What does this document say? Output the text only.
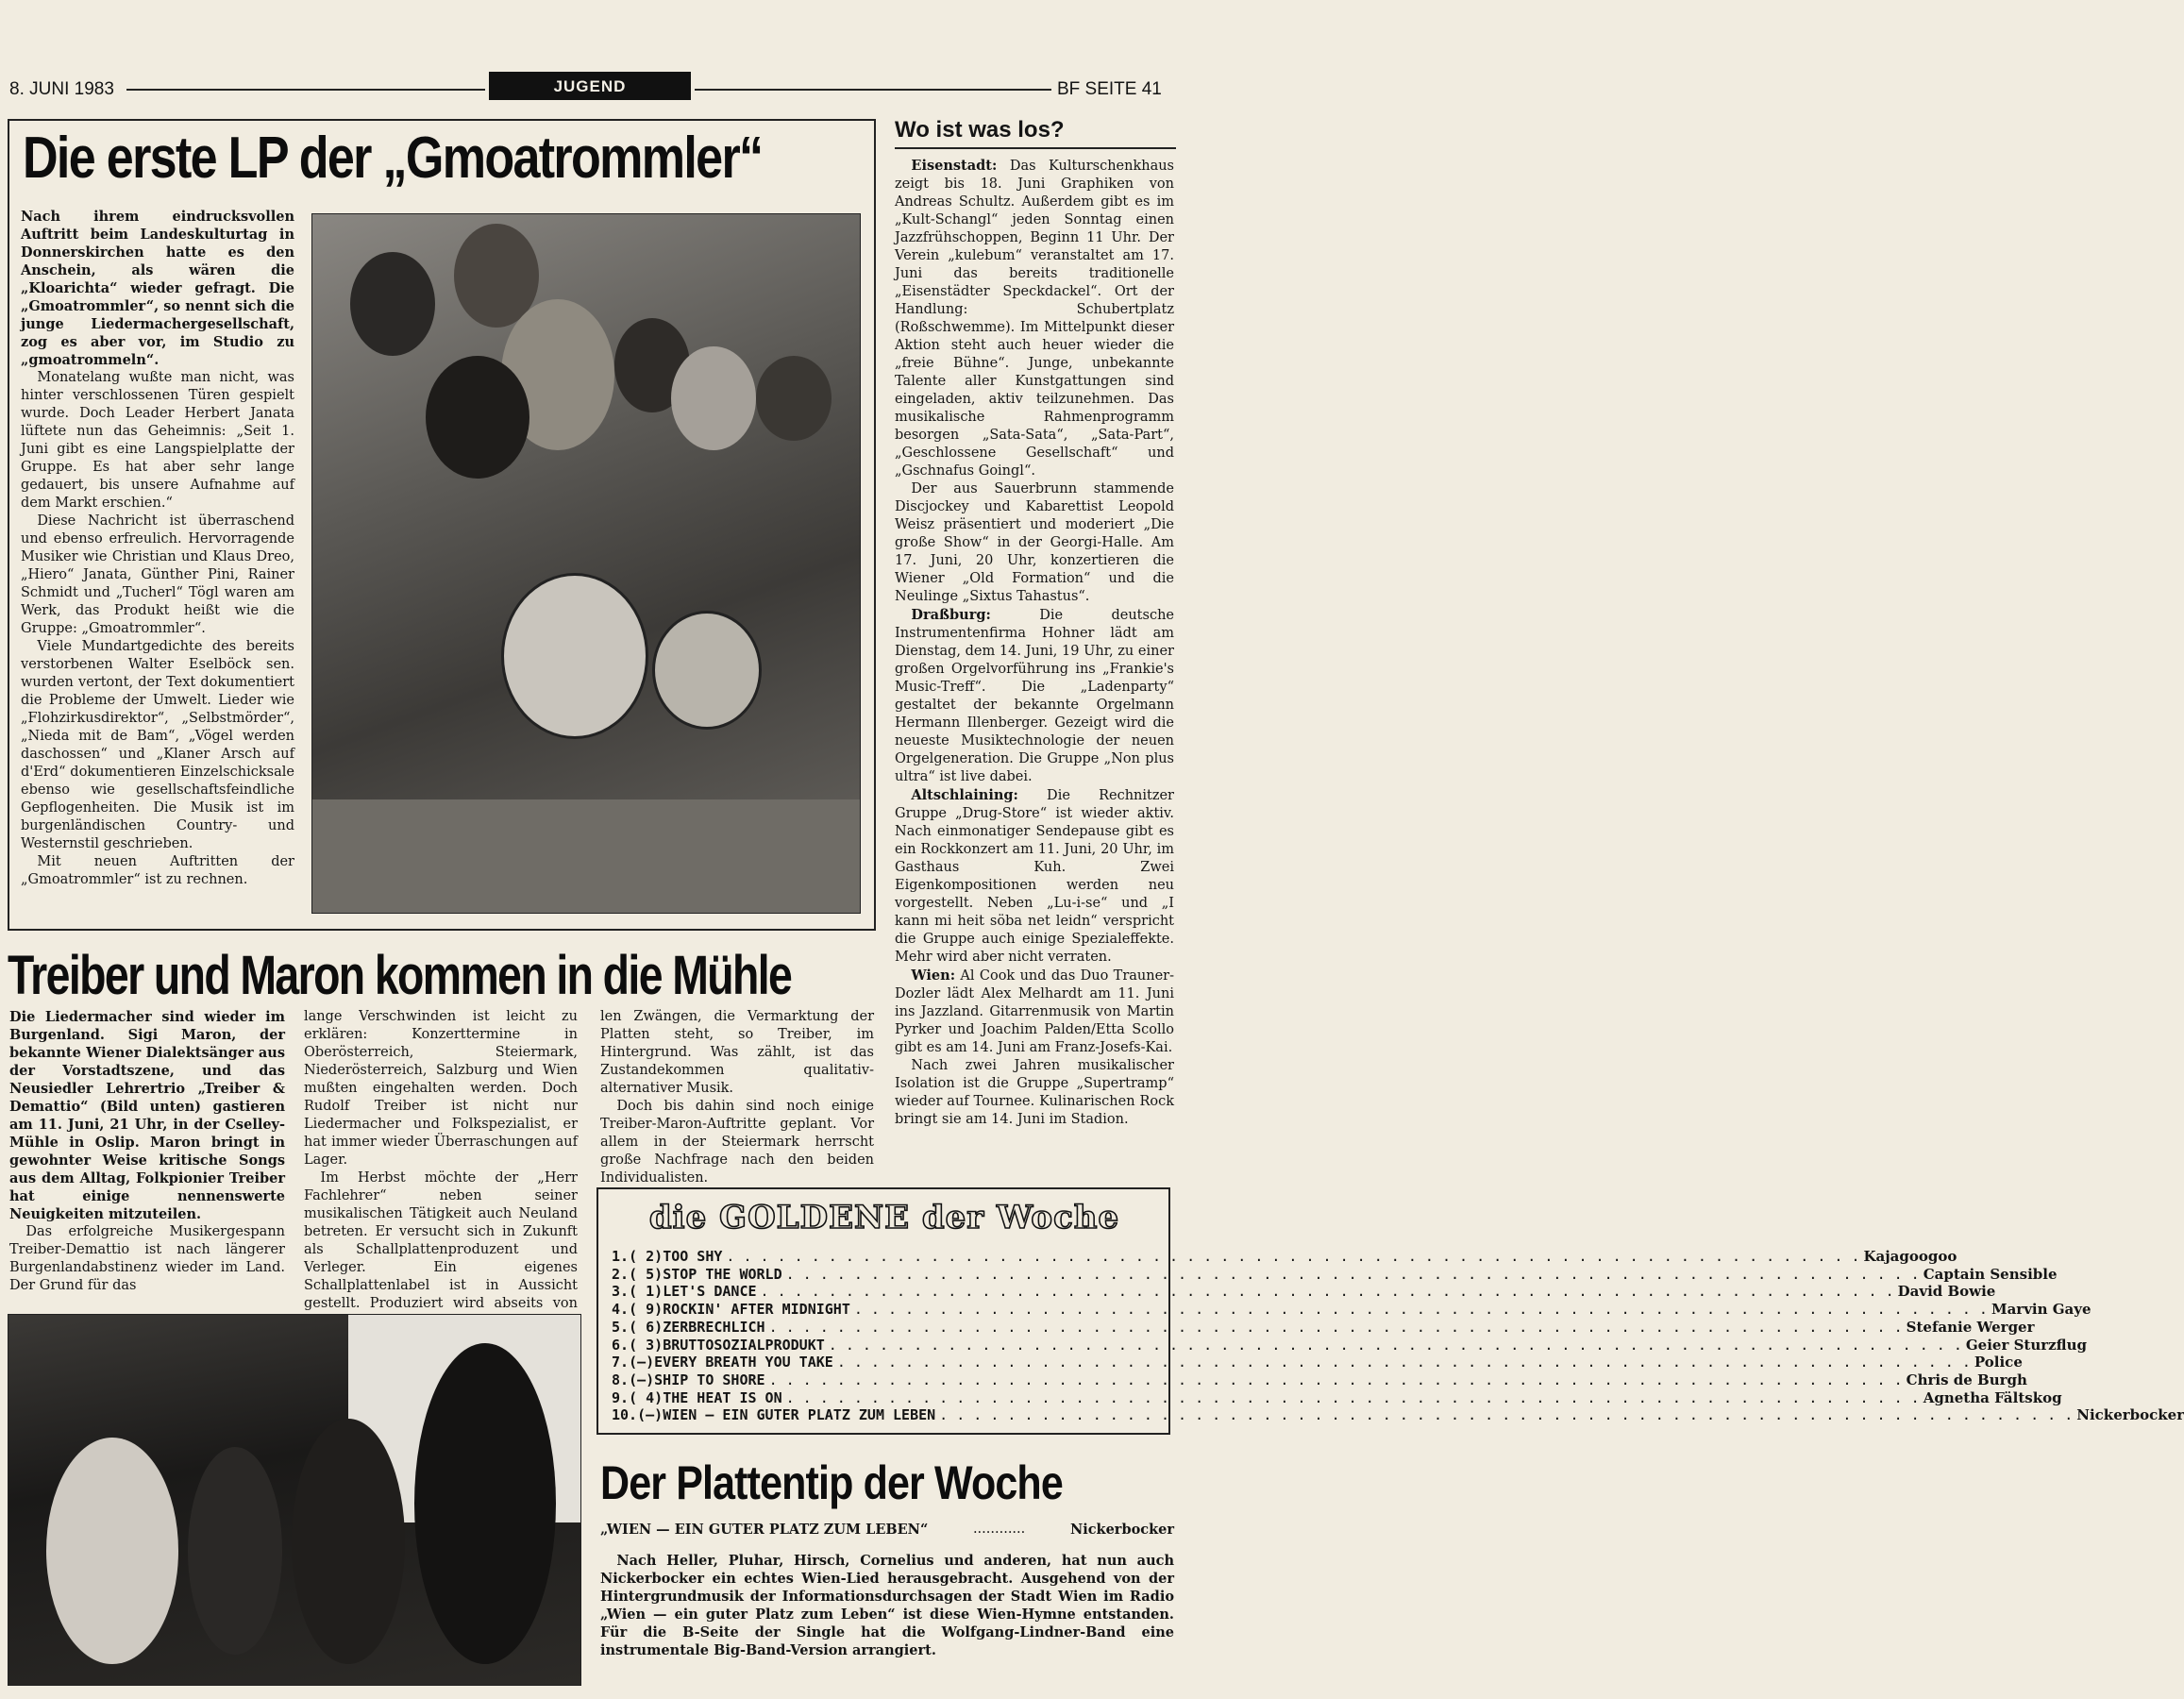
8. JUNI 1983	JUGEND	BF SEITE 41
Die erste LP der „Gmoatrommler“

Nach ihrem eindrucksvollen Auftritt beim Landeskulturtag in Donnerskirchen hatte es den Anschein, als wären die „Kloarichta“ wieder gefragt. Die „Gmoatrommler“, so nennt sich die junge Liedermachergesellschaft, zog es aber vor, im Studio zu „gmoatrommeln“.

Monatelang wußte man nicht, was hinter verschlossenen Türen gespielt wurde. Doch Leader Herbert Janata lüftete nun das Geheimnis: „Seit 1. Juni gibt es eine Langspielplatte der Gruppe. Es hat aber sehr lange gedauert, bis unsere Aufnahme auf dem Markt erschien.“

Diese Nachricht ist überraschend und ebenso erfreulich. Hervorragende Musiker wie Christian und Klaus Dreo, „Hiero“ Janata, Günther Pini, Rainer Schmidt und „Tucherl“ Tögl waren am Werk, das Produkt heißt wie die Gruppe: „Gmoatrommler“.

Viele Mundartgedichte des bereits verstorbenen Walter Eselböck sen. wurden vertont, der Text dokumentiert die Probleme der Umwelt. Lieder wie „Flohzirkusdirektor“, „Selbstmörder“, „Nieda mit de Bam“, „Vögel werden daschossen“ und „Klaner Arsch auf d'Erd“ dokumentieren Einzelschicksale ebenso wie gesellschaftsfeindliche Gepflogenheiten. Die Musik ist im burgenländischen Country- und Westernstil geschrieben.

Mit neuen Auftritten der „Gmoatrommler“ ist zu rechnen.

Wo ist was los?

Eisenstadt: Das Kulturschenkhaus zeigt bis 18. Juni Graphiken von Andreas Schultz. Außerdem gibt es im „Kult-Schangl“ jeden Sonntag einen Jazzfrühschoppen, Beginn 11 Uhr. Der Verein „kulebum“ veranstaltet am 17. Juni das bereits traditionelle „Eisenstädter Speckdackel“. Ort der Handlung: Schubertplatz (Roßschwemme). Im Mittelpunkt dieser Aktion steht auch heuer wieder die „freie Bühne“. Junge, unbekannte Talente aller Kunstgattungen sind eingeladen, aktiv teilzunehmen. Das musikalische Rahmenprogramm besorgen „Sata-Sata“, „Sata-Part“, „Geschlossene Gesellschaft“ und „Gschnafus Goingl“.

Der aus Sauerbrunn stammende Discjockey und Kabarettist Leopold Weisz präsentiert und moderiert „Die große Show“ in der Georgi-Halle. Am 17. Juni, 20 Uhr, konzertieren die Wiener „Old Formation“ und die Neulinge „Sixtus Tahastus“.

Draßburg: Die deutsche Instrumentenfirma Hohner lädt am Dienstag, dem 14. Juni, 19 Uhr, zu einer großen Orgelvorführung ins „Frankie's Music-Treff“. Die „Ladenparty“ gestaltet der bekannte Orgelmann Hermann Illenberger. Gezeigt wird die neueste Musiktechnologie der neuen Orgelgeneration. Die Gruppe „Non plus ultra“ ist live dabei.

Altschlaining: Die Rechnitzer Gruppe „Drug-Store“ ist wieder aktiv. Nach einmonatiger Sendepause gibt es ein Rockkonzert am 11. Juni, 20 Uhr, im Gasthaus Kuh. Zwei Eigenkompositionen werden neu vorgestellt. Neben „Lu-i-se“ und „I kann mi heit söba net leidn“ verspricht die Gruppe auch einige Spezialeffekte. Mehr wird aber nicht verraten.

Wien: Al Cook und das Duo Trauner-Dozler lädt Alex Melhardt am 11. Juni ins Jazzland. Gitarrenmusik von Martin Pyrker und Joachim Palden/Etta Scollo gibt es am 14. Juni am Franz-Josefs-Kai.

Nach zwei Jahren musikalischer Isolation ist die Gruppe „Supertramp“ wieder auf Tournee. Kulinarischen Rock bringt sie am 14. Juni im Stadion.

Treiber und Maron kommen in die Mühle

Die Liedermacher sind wieder im Burgenland. Sigi Maron, der bekannte Wiener Dialektsänger aus der Vorstadtszene, und das Neusiedler Lehrertrio „Treiber & Demattio“ (Bild unten) gastieren am 11. Juni, 21 Uhr, in der Cselley-Mühle in Oslip. Maron bringt in gewohnter Weise kritische Songs aus dem Alltag, Folkpionier Treiber hat einige nennenswerte Neuigkeiten mitzuteilen.

Das erfolgreiche Musikergespann Treiber-Demattio ist nach längerer Burgenlandabstinenz wieder im Land. Der Grund für das

lange Verschwinden ist leicht zu erklären: Konzerttermine in Oberösterreich, Steiermark, Niederösterreich, Salzburg und Wien mußten eingehalten werden. Doch Rudolf Treiber ist nicht nur Liedermacher und Folkspezialist, er hat immer wieder Überraschungen auf Lager.

Im Herbst möchte der „Herr Fachlehrer“ neben seiner musikalischen Tätigkeit auch Neuland betreten. Er versucht sich in Zukunft als Schallplattenproduzent und Verleger. Ein eigenes Schallplattenlabel ist in Aussicht gestellt. Produziert wird abseits von

len Zwängen, die Vermarktung der Platten steht, so Treiber, im Hintergrund. Was zählt, ist das Zustandekommen qualitativ-alternativer Musik.

Doch bis dahin sind noch einige Treiber-Maron-Auftritte geplant. Vor allem in der Steiermark herrscht große Nachfrage nach den beiden Individualisten.

die GOLDENE der Woche
1. ( 2) TOO SHY . . .	Kajagoogoo
2. ( 5) STOP THE WORLD . . .	Captain Sensible
3. ( 1) LET'S DANCE . . .	David Bowie
4. ( 9) ROCKIN' AFTER MIDNIGHT . . .	Marvin Gaye
5. ( 6) ZERBRECHLICH . . .	Stefanie Werger
6. ( 3) BRUTTOSOZIALPRODUKT . . .	Geier Sturzflug
7. (—) EVERY BREATH YOU TAKE . . .	Police
8. (—) SHIP TO SHORE . . .	Chris de Burgh
9. ( 4) THE HEAT IS ON . . .	Agnetha Fältskog
10. (—) WIEN — EIN GUTER PLATZ ZUM LEBEN . . .	Nickerbocker
Der Plattentip der Woche
„WIEN — EIN GUTER PLATZ ZUM LEBEN“	............	Nickerbocker

Nach Heller, Pluhar, Hirsch, Cornelius und anderen, hat nun auch Nickerbocker ein echtes Wien-Lied herausgebracht. Ausgehend von der Hintergrundmusik der Informationsdurchsagen der Stadt Wien im Radio „Wien — ein guter Platz zum Leben“ ist diese Wien-Hymne entstanden. Für die B-Seite der Single hat die Wolfgang-Lindner-Band eine instrumentale Big-Band-Version arrangiert.
